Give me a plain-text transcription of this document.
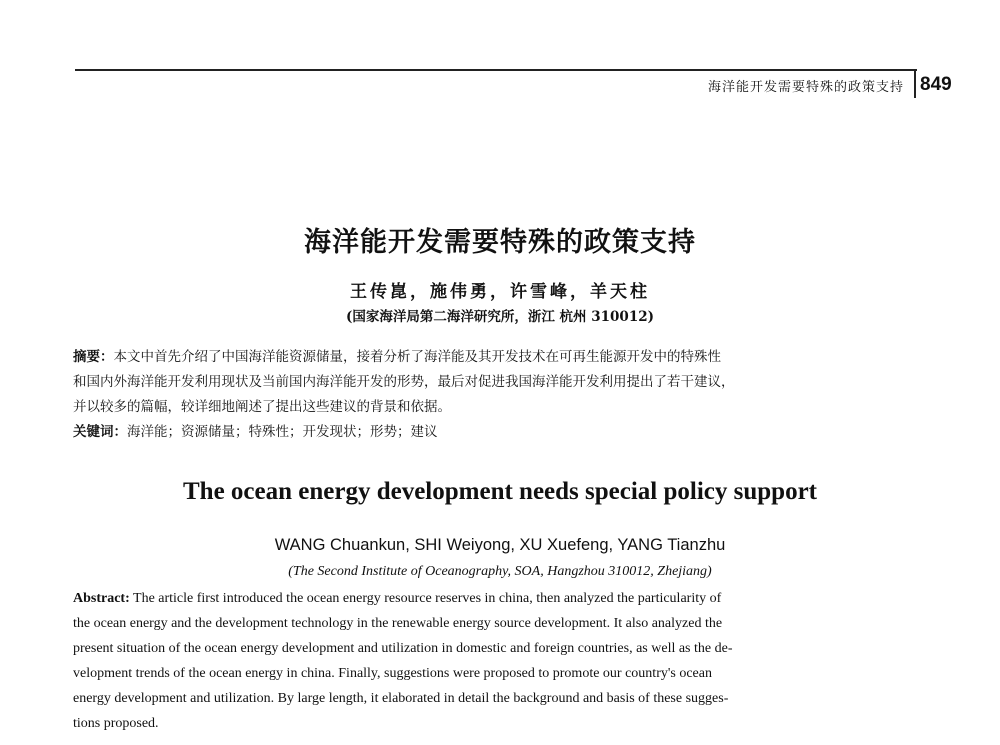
海洋能开发需要特殊的政策支持 849
海洋能开发需要特殊的政策支持
王传崑，施伟勇，许雪峰，羊天柱
(国家海洋局第二海洋研究所，浙江 杭州 310012)
摘要：本文中首先介绍了中国海洋能资源储量，接着分析了海洋能及其开发技术在可再生能源开发中的特殊性
和国内外海洋能开发利用现状及当前国内海洋能开发的形势，最后对促进我国海洋能开发利用提出了若干建议，
并以较多的篇幅，较详细地阐述了提出这些建议的背景和依据。
关键词：海洋能；资源储量；特殊性；开发现状；形势；建议
The ocean energy development needs special policy support
WANG Chuankun, SHI Weiyong, XU Xuefeng, YANG Tianzhu
(The Second Institute of Oceanography, SOA, Hangzhou 310012, Zhejiang)
Abstract: The article first introduced the ocean energy resource reserves in china, then analyzed the particularity of
the ocean energy and the development technology in the renewable energy source development. It also analyzed the
present situation of the ocean energy development and utilization in domestic and foreign countries, as well as the de-
velopment trends of the ocean energy in china. Finally, suggestions were proposed to promote our country's ocean
energy development and utilization. By large length, it elaborated in detail the background and basis of these sugges-
tions proposed.
